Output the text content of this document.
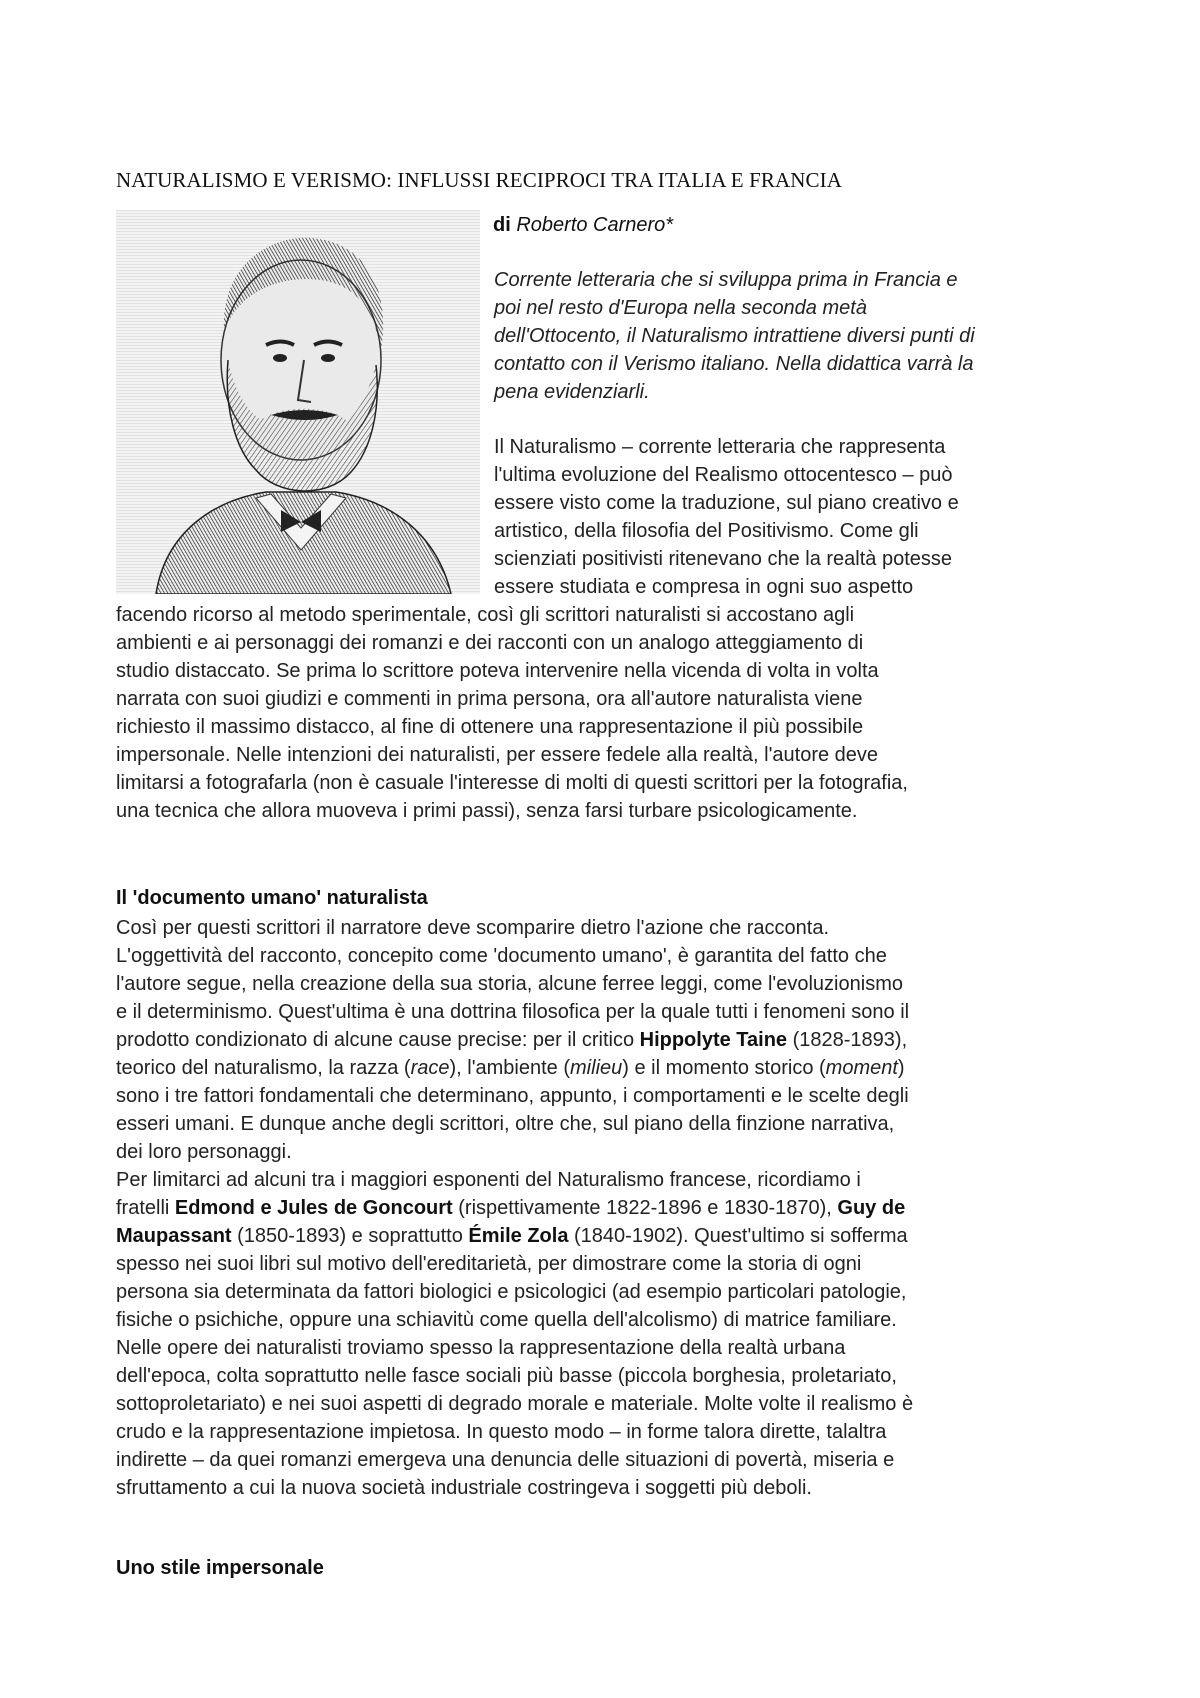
NATURALISMO E VERISMO: INFLUSSI RECIPROCI TRA ITALIA E FRANCIA

di Roberto Carnero*

Corrente letteraria che si sviluppa prima in Francia e
poi nel resto d'Europa nella seconda metà
dell'Ottocento, il Naturalismo intrattiene diversi punti di
contatto con il Verismo italiano. Nella didattica varrà la
pena evidenziarli.

Il Naturalismo – corrente letteraria che rappresenta
l'ultima evoluzione del Realismo ottocentesco – può
essere visto come la traduzione, sul piano creativo e
artistico, della filosofia del Positivismo. Come gli
scienziati positivisti ritenevano che la realtà potesse
essere studiata e compresa in ogni suo aspetto

facendo ricorso al metodo sperimentale, così gli scrittori naturalisti si accostano agli
ambienti e ai personaggi dei romanzi e dei racconti con un analogo atteggiamento di
studio distaccato. Se prima lo scrittore poteva intervenire nella vicenda di volta in volta
narrata con suoi giudizi e commenti in prima persona, ora all'autore naturalista viene
richiesto il massimo distacco, al fine di ottenere una rappresentazione il più possibile
impersonale. Nelle intenzioni dei naturalisti, per essere fedele alla realtà, l'autore deve
limitarsi a fotografarla (non è casuale l'interesse di molti di questi scrittori per la fotografia,
una tecnica che allora muoveva i primi passi), senza farsi turbare psicologicamente.

Il 'documento umano' naturalista

Così per questi scrittori il narratore deve scomparire dietro l'azione che racconta.
L'oggettività del racconto, concepito come 'documento umano', è garantita del fatto che
l'autore segue, nella creazione della sua storia, alcune ferree leggi, come l'evoluzionismo
e il determinismo. Quest'ultima è una dottrina filosofica per la quale tutti i fenomeni sono il
prodotto condizionato di alcune cause precise: per il critico Hippolyte Taine (1828-1893),
teorico del naturalismo, la razza (race), l'ambiente (milieu) e il momento storico (moment)
sono i tre fattori fondamentali che determinano, appunto, i comportamenti e le scelte degli
esseri umani. E dunque anche degli scrittori, oltre che, sul piano della finzione narrativa,
dei loro personaggi.
Per limitarci ad alcuni tra i maggiori esponenti del Naturalismo francese, ricordiamo i
fratelli Edmond e Jules de Goncourt (rispettivamente 1822-1896 e 1830-1870), Guy de
Maupassant (1850-1893) e soprattutto Émile Zola (1840-1902). Quest'ultimo si sofferma
spesso nei suoi libri sul motivo dell'ereditarietà, per dimostrare come la storia di ogni
persona sia determinata da fattori biologici e psicologici (ad esempio particolari patologie,
fisiche o psichiche, oppure una schiavitù come quella dell'alcolismo) di matrice familiare.
Nelle opere dei naturalisti troviamo spesso la rappresentazione della realtà urbana
dell'epoca, colta soprattutto nelle fasce sociali più basse (piccola borghesia, proletariato,
sottoproletariato) e nei suoi aspetti di degrado morale e materiale. Molte volte il realismo è
crudo e la rappresentazione impietosa. In questo modo – in forme talora dirette, talaltra
indirette – da quei romanzi emergeva una denuncia delle situazioni di povertà, miseria e
sfruttamento a cui la nuova società industriale costringeva i soggetti più deboli.

Uno stile impersonale
